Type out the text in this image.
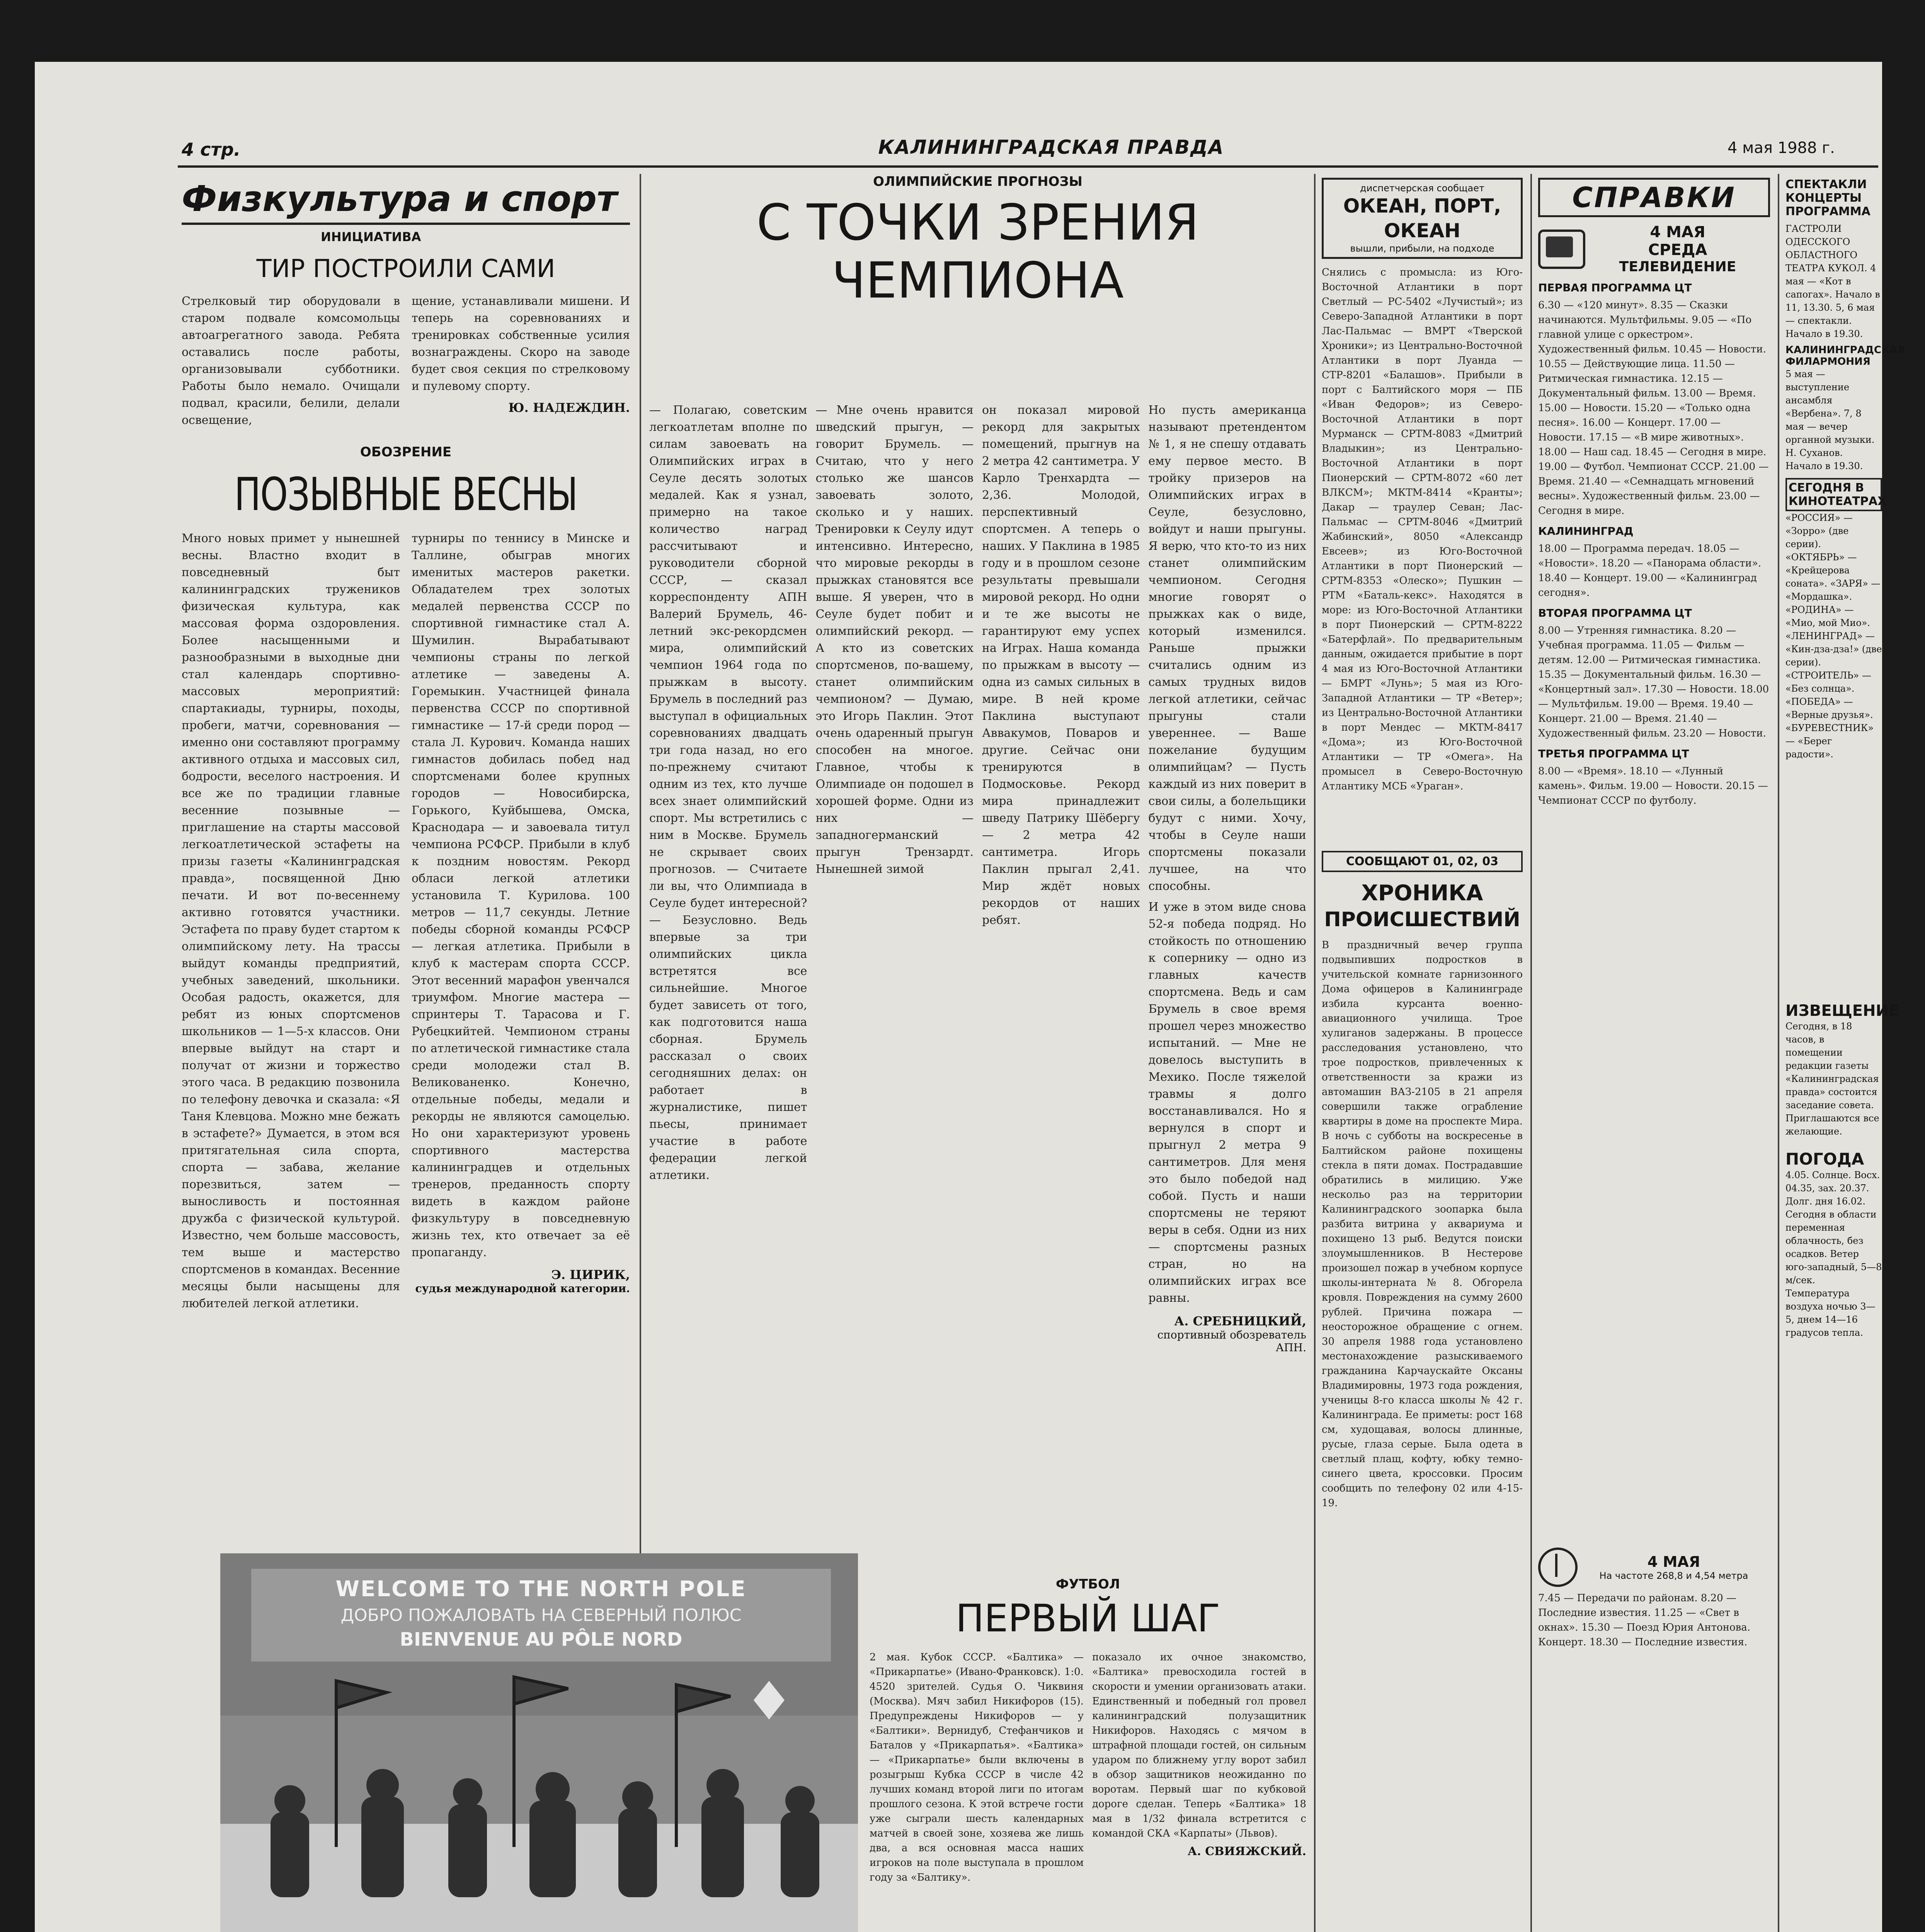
4 стр.	КАЛИНИНГРАДСКАЯ ПРАВДА	4 мая 1988 г.
Физкультура и спорт
ИНИЦИАТИВА
ТИР ПОСТРОИЛИ САМИ

Стрелковый тир оборудовали в старом подвале комсомольцы автоагрегатного завода. Ребята оставались после работы, организовывали субботники. Работы было немало. Очищали подвал, красили, белили, делали освещение,

щение, устанавливали мишени. И теперь на соревнованиях и тренировках собственные усилия вознаграждены. Скоро на заводе будет своя секция по стрелковому и пулевому спорту.

Ю. НАДЕЖДИН.

ОБОЗРЕНИЕ
ПОЗЫВНЫЕ ВЕСНЫ

Много новых примет у нынешней весны. Властно входит в повседневный быт калининградских тружеников физическая культура, как массовая форма оздоровления. Более насыщенными и разнообразными в выходные дни стал календарь спортивно-массовых мероприятий: спартакиады, турниры, походы, пробеги, матчи, соревнования — именно они составляют программу активного отдыха и массовых сил, бодрости, веселого настроения. И все же по традиции главные весенние позывные — приглашение на старты массовой легкоатлетической эстафеты на призы газеты «Калининградская правда», посвященной Дню печати. И вот по-весеннему активно готовятся участники. Эстафета по праву будет стартом к олимпийскому лету. На трассы выйдут команды предприятий, учебных заведений, школьники. Особая радость, окажется, для ребят из юных спортсменов школьников — 1—5-х классов. Они впервые выйдут на старт и получат от жизни и торжество этого часа. В редакцию позвонила по телефону девочка и сказала: «Я Таня Клевцова. Можно мне бежать в эстафете?» Думается, в этом вся притягательная сила спорта, спорта — забава, желание порезвиться, затем — выносливость и постоянная дружба с физической культурой. Известно, чем больше массовость, тем выше и мастерство спортсменов в командах. Весенние месяцы были насыщены для любителей легкой атлетики.

турниры по теннису в Минске и Таллине, обыграв многих именитых мастеров ракетки. Обладателем трех золотых медалей первенства СССР по спортивной гимнастике стал А. Шумилин. Вырабатывают чемпионы страны по легкой атлетике — заведены А. Горемыкин. Участницей финала первенства СССР по спортивной гимнастике — 17-й среди пород — стала Л. Курович. Команда наших гимнастов добилась побед над спортсменами более крупных городов — Новосибирска, Горького, Куйбышева, Омска, Краснодара — и завоевала титул чемпиона РСФСР. Прибыли в клуб к поздним новостям. Рекорд обласи легкой атлетики установила Т. Курилова. 100 метров — 11,7 секунды. Летние победы сборной команды РСФСР — легкая атлетика. Прибыли в клуб к мастерам спорта СССР. Этот весенний марафон увенчался триумфом. Многие мастера — спринтеры Т. Тарасова и Г. Рубецкийтей. Чемпионом страны по атлетической гимнастике стала среди молодежи стал В. Великованенко. Конечно, отдельные победы, медали и рекорды не являются самоцелью. Но они характеризуют уровень спортивного мастерства калининградцев и отдельных тренеров, преданность спорту видеть в каждом районе физкультуру в повседневную жизнь тех, кто отвечает за её пропаганду.

Э. ЦИРИК,

судья международной категории.

ОЛИМПИЙСКИЕ ПРОГНОЗЫ
С ТОЧКИ ЗРЕНИЯ
ЧЕМПИОНА

— Полагаю, советским легкоатлетам вполне по силам завоевать на Олимпийских играх в Сеуле десять золотых медалей. Как я узнал, примерно на такое количество наград рассчитывают и руководители сборной СССР, — сказал корреспонденту АПН Валерий Брумель, 46-летний экс-рекордсмен мира, олимпийский чемпион 1964 года по прыжкам в высоту. Брумель в последний раз выступал в официальных соревнованиях двадцать три года назад, но его по-прежнему считают одним из тех, кто лучше всех знает олимпийский спорт. Мы встретились с ним в Москве. Брумель не скрывает своих прогнозов. — Считаете ли вы, что Олимпиада в Сеуле будет интересной? — Безусловно. Ведь впервые за три олимпийских цикла встретятся все сильнейшие. Многое будет зависеть от того, как подготовится наша сборная. Брумель рассказал о своих сегодняшних делах: он работает в журналистике, пишет пьесы, принимает участие в работе федерации легкой атлетики.

— Мне очень нравится шведский прыгун, — говорит Брумель. — Считаю, что у него столько же шансов завоевать золото, сколько и у наших. Тренировки к Сеулу идут интенсивно. Интересно, что мировые рекорды в прыжках становятся все выше. Я уверен, что в Сеуле будет побит и олимпийский рекорд. — А кто из советских спортсменов, по-вашему, станет олимпийским чемпионом? — Думаю, это Игорь Паклин. Этот очень одаренный прыгун способен на многое. Главное, чтобы к Олимпиаде он подошел в хорошей форме. Одни из них — западногерманский прыгун Трензардт. Нынешней зимой

он показал мировой рекорд для закрытых помещений, прыгнув на 2 метра 42 сантиметра. У Карло Тренхардта — 2,36. Молодой, перспективный спортсмен. А теперь о наших. У Паклина в 1985 году и в прошлом сезоне результаты превышали мировой рекорд. Но одни и те же высоты не гарантируют ему успех на Играх. Наша команда по прыжкам в высоту — одна из самых сильных в мире. В ней кроме Паклина выступают Аввакумов, Поваров и другие. Сейчас они тренируются в Подмосковье. Рекорд мира принадлежит шведу Патрику Шёбергу — 2 метра 42 сантиметра. Игорь Паклин прыгал 2,41. Мир ждёт новых рекордов от наших ребят.

Но пусть американца называют претендентом № 1, я не спешу отдавать ему первое место. В тройку призеров на Олимпийских играх в Сеуле, безусловно, войдут и наши прыгуны. Я верю, что кто-то из них станет олимпийским чемпионом. Сегодня многие говорят о прыжках как о виде, который изменился. Раньше прыжки считались одним из самых трудных видов легкой атлетики, сейчас прыгуны стали увереннее. — Ваше пожелание будущим олимпийцам? — Пусть каждый из них поверит в свои силы, а болельщики будут с ними. Хочу, чтобы в Сеуле наши спортсмены показали лучшее, на что способны.

И уже в этом виде снова 52-я победа подряд. Но стойкость по отношению к сопернику — одно из главных качеств спортсмена. Ведь и сам Брумель в свое время прошел через множество испытаний. — Мне не довелось выступить в Мехико. После тяжелой травмы я долго восстанавливался. Но я вернулся в спорт и прыгнул 2 метра 9 сантиметров. Для меня это было победой над собой. Пусть и наши спортсмены не теряют веры в себя. Одни из них — спортсмены разных стран, но на олимпийских играх все равны.

А. СРЕБНИЦКИЙ,

спортивный обозреватель АПН.

WELCOME TO THE NORTH POLE
ДОБРО ПОЖАЛОВАТЬ НА СЕВЕРНЫЙ ПОЛЮС
BIENVENUE AU PÔLE NORD
ФУТБОЛ
ПЕРВЫЙ ШАГ

2 мая. Кубок СССР. «Балтика» — «Прикарпатье» (Ивано-Франковск). 1:0. 4520 зрителей. Судья О. Чиквиня (Москва). Мяч забил Никифоров (15). Предупреждены Никифоров — у «Балтики». Вернидуб, Стефанчиков и Баталов у «Прикарпатья». «Балтика» — «Прикарпатье» были включены в розыгрыш Кубка СССР в числе 42 лучших команд второй лиги по итогам прошлого сезона. К этой встрече гости уже сыграли шесть календарных матчей в своей зоне, хозяева же лишь два, а вся основная масса наших игроков на поле выступала в прошлом году за «Балтику».

показало их очное знакомство, «Балтика» превосходила гостей в скорости и умении организовать атаки. Единственный и победный гол провел калининградский полузащитник Никифоров. Находясь с мячом в штрафной площади гостей, он сильным ударом по ближнему углу ворот забил в обзор защитников неожиданно по воротам. Первый шаг по кубковой дороге сделан. Теперь «Балтика» 18 мая в 1/32 финала встретится с командой СКА «Карпаты» (Львов).

А. СВИЯЖСКИЙ.

диспетчерская сообщает
ОКЕАН, ПОРТ, ОКЕАН
вышли, прибыли, на подходе

Снялись с промысла: из Юго-Восточной Атлантики в порт Светлый — РС-5402 «Лучистый»; из Северо-Западной Атлантики в порт Лас-Пальмас — ВМРТ «Тверской Хроники»; из Центрально-Восточной Атлантики в порт Луанда — СТР-8201 «Балашов». Прибыли в порт с Балтийского моря — ПБ «Иван Федоров»; из Северо-Восточной Атлантики в порт Мурманск — СРТМ-8083 «Дмитрий Владыкин»; из Центрально-Восточной Атлантики в порт Пионерский — СРТМ-8072 «60 лет ВЛКСМ»; МКТМ-8414 «Кранты»; Дакар — траулер Севан; Лас-Пальмас — СРТМ-8046 «Дмитрий Жабинский», 8050 «Александр Евсеев»; из Юго-Восточной Атлантики в порт Пионерский — СРТМ-8353 «Олеско»; Пушкин — РТМ «Баталь-кекс». Находятся в море: из Юго-Восточной Атлантики в порт Пионерский — СРТМ-8222 «Батерфлай». По предварительным данным, ожидается прибытие в порт 4 мая из Юго-Восточной Атлантики — БМРТ «Лунь»; 5 мая из Юго-Западной Атлантики — ТР «Ветер»; из Центрально-Восточной Атлантики в порт Мендес — МКТМ-8417 «Дома»; из Юго-Восточной Атлантики — ТР «Омега». На промысел в Северо-Восточную Атлантику МСБ «Ураган».

СООБЩАЮТ 01, 02, 03
ХРОНИКА
ПРОИСШЕСТВИЙ

В праздничный вечер группа подвыпивших подростков в учительской комнате гарнизонного Дома офицеров в Калининграде избила курсанта военно-авиационного училища. Трое хулиганов задержаны. В процессе расследования установлено, что трое подростков, привлеченных к ответственности за кражи из автомашин ВАЗ-2105 в 21 апреля совершили также ограбление квартиры в доме на проспекте Мира. В ночь с субботы на воскресенье в Балтийском районе похищены стекла в пяти домах. Пострадавшие обратились в милицию. Уже нескольо раз на территории Калининградского зоопарка была разбита витрина у аквариума и похищено 13 рыб. Ведутся поиски злоумышленников. В Нестерове произошел пожар в учебном корпусе школы-интерната № 8. Обгорела кровля. Повреждения на сумму 2600 рублей. Причина пожара — неосторожное обращение с огнем. 30 апреля 1988 года установлено местонахождение разыскиваемого гражданина Карчаускайте Оксаны Владимировны, 1973 года рождения, ученицы 8-го класса школы № 42 г. Калининграда. Ее приметы: рост 168 см, худощавая, волосы длинные, русые, глаза серые. Была одета в светлый плащ, кофту, юбку темно-синего цвета, кроссовки. Просим сообщить по телефону 02 или 4-15-19.

СПРАВКИ
4 МАЯ
СРЕДА
ТЕЛЕВИДЕНИЕ
ПЕРВАЯ ПРОГРАММА ЦТ

6.30 — «120 минут». 8.35 — Сказки начинаются. Мультфильмы. 9.05 — «По главной улице с оркестром». Художественный фильм. 10.45 — Новости. 10.55 — Действующие лица. 11.50 — Ритмическая гимнастика. 12.15 — Документальный фильм. 13.00 — Время. 15.00 — Новости. 15.20 — «Только одна песня». 16.00 — Концерт. 17.00 — Новости. 17.15 — «В мире животных». 18.00 — Наш сад. 18.45 — Сегодня в мире. 19.00 — Футбол. Чемпионат СССР. 21.00 — Время. 21.40 — «Семнадцать мгновений весны». Художественный фильм. 23.00 — Сегодня в мире.

КАЛИНИНГРАД

18.00 — Программа передач. 18.05 — «Новости». 18.20 — «Панорама области». 18.40 — Концерт. 19.00 — «Калининград сегодня».

ВТОРАЯ ПРОГРАММА ЦТ

8.00 — Утренняя гимнастика. 8.20 — Учебная программа. 11.05 — Фильм — детям. 12.00 — Ритмическая гимнастика. 15.35 — Документальный фильм. 16.30 — «Концертный зал». 17.30 — Новости. 18.00 — Мультфильм. 19.00 — Время. 19.40 — Концерт. 21.00 — Время. 21.40 — Художественный фильм. 23.20 — Новости.

ТРЕТЬЯ ПРОГРАММА ЦТ

8.00 — «Время». 18.10 — «Лунный камень». Фильм. 19.00 — Новости. 20.15 — Чемпионат СССР по футболу.

4 МАЯ
На частоте 268,8 и 4,54 метра

7.45 — Передачи по районам. 8.20 — Последние известия. 11.25 — «Свет в окнах». 15.30 — Поезд Юрия Антонова. Концерт. 18.30 — Последние известия.

СПЕКТАКЛИ
КОНЦЕРТЫ
ПРОГРАММА

ГАСТРОЛИ ОДЕССКОГО ОБЛАСТНОГО ТЕАТРА КУКОЛ. 4 мая — «Кот в сапогах». Начало в 11, 13.30. 5, 6 мая — спектакли. Начало в 19.30.

КАЛИНИНГРАДСКАЯ ФИЛАРМОНИЯ

5 мая — выступление ансамбля «Вербена». 7, 8 мая — вечер органной музыки. Н. Суханов. Начало в 19.30.

СЕГОДНЯ В КИНОТЕАТРАХ

«РОССИЯ» — «Зорро» (две серии). «ОКТЯБРЬ» — «Крейцерова соната». «ЗАРЯ» — «Мордашка». «РОДИНА» — «Мио, мой Мио». «ЛЕНИНГРАД» — «Кин-дза-дза!» (две серии). «СТРОИТЕЛЬ» — «Без солнца». «ПОБЕДА» — «Верные друзья». «БУРЕВЕСТНИК» — «Берег радости».

ИЗВЕЩЕНИЕ

Сегодня, в 18 часов, в помещении редакции газеты «Калининградская правда» состоится заседание совета. Приглашаются все желающие.

ПОГОДА

4.05. Солнце. Восх. 04.35, зах. 20.37. Долг. дня 16.02. Сегодня в области переменная облачность, без осадков. Ветер юго-западный, 5—8 м/сек. Температура воздуха ночью 3—5, днем 14—16 градусов тепла.
